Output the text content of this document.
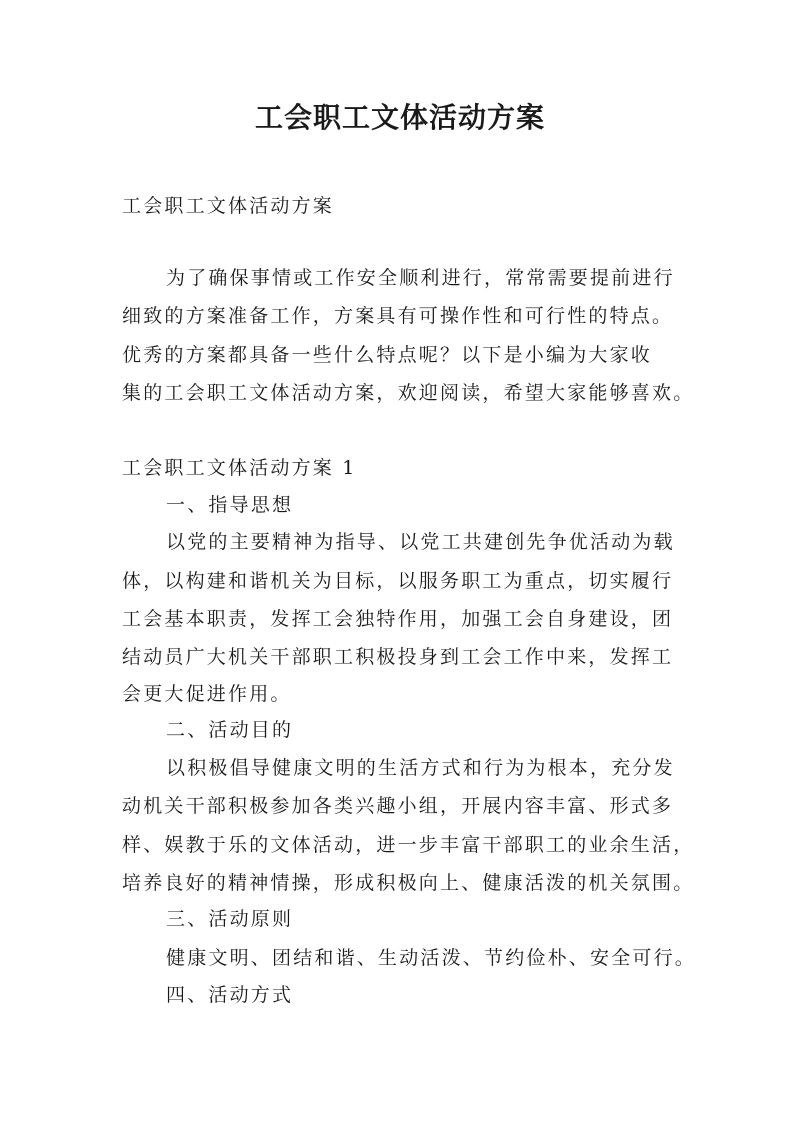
工会职工文体活动方案
工会职工文体活动方案
为了确保事情或工作安全顺利进行，常常需要提前进行
细致的方案准备工作，方案具有可操作性和可行性的特点。
优秀的方案都具备一些什么特点呢？以下是小编为大家收
集的工会职工文体活动方案，欢迎阅读，希望大家能够喜欢。
工会职工文体活动方案 1
一、指导思想
以党的主要精神为指导、以党工共建创先争优活动为载
体，以构建和谐机关为目标，以服务职工为重点，切实履行
工会基本职责，发挥工会独特作用，加强工会自身建设，团
结动员广大机关干部职工积极投身到工会工作中来，发挥工
会更大促进作用。
二、活动目的
以积极倡导健康文明的生活方式和行为为根本，充分发
动机关干部积极参加各类兴趣小组，开展内容丰富、形式多
样、娱教于乐的文体活动，进一步丰富干部职工的业余生活，
培养良好的精神情操，形成积极向上、健康活泼的机关氛围。
三、活动原则
健康文明、团结和谐、生动活泼、节约俭朴、安全可行。
四、活动方式
